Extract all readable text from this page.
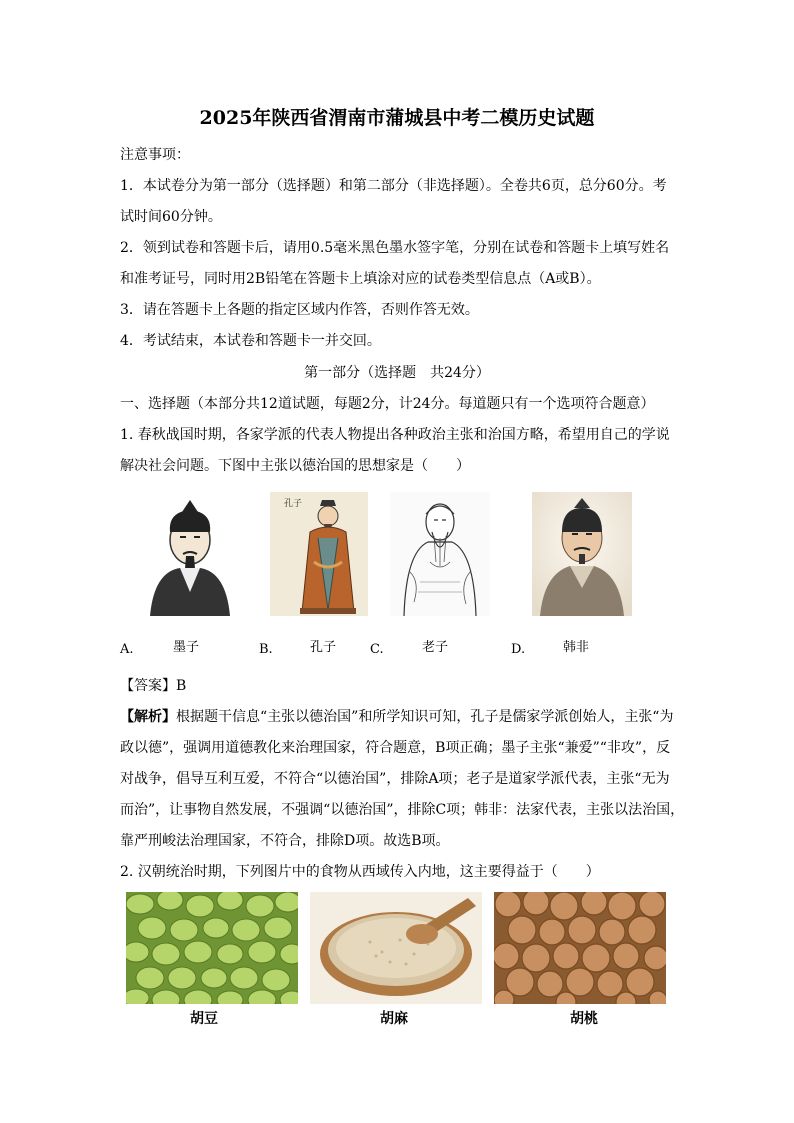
2025年陕西省渭南市蒲城县中考二模历史试题
注意事项：
1．本试卷分为第一部分（选择题）和第二部分（非选择题）。全卷共6页，总分60分。考
试时间60分钟。
2．领到试卷和答题卡后，请用0.5毫米黑色墨水签字笔，分别在试卷和答题卡上填写姓名
和准考证号，同时用2B铅笔在答题卡上填涂对应的试卷类型信息点（A或B）。
3．请在答题卡上各题的指定区域内作答，否则作答无效。
4．考试结束，本试卷和答题卡一并交回。
第一部分（选择题　共24分）
一、选择题（本部分共12道试题，每题2分，计24分。每道题只有一个选项符合题意）
1. 春秋战国时期，各家学派的代表人物提出各种政治主张和治国方略，希望用自己的学说
解决社会问题。下图中主张以德治国的思想家是（　　）
孔子
A.	墨子	B.	孔子	C.	老子	D.	韩非
【答案】B
【解析】根据题干信息“主张以德治国”和所学知识可知，孔子是儒家学派创始人，主张“为
政以德”，强调用道德教化来治理国家，符合题意，B项正确；墨子主张“兼爱”“非攻”，反
对战争，倡导互利互爱，不符合“以德治国”，排除A项；老子是道家学派代表，主张“无为
而治”，让事物自然发展，不强调“以德治国”，排除C项；韩非：法家代表，主张以法治国，
靠严刑峻法治理国家，不符合，排除D项。故选B项。
2. 汉朝统治时期，下列图片中的食物从西域传入内地，这主要得益于（　　）
胡豆	胡麻	胡桃
